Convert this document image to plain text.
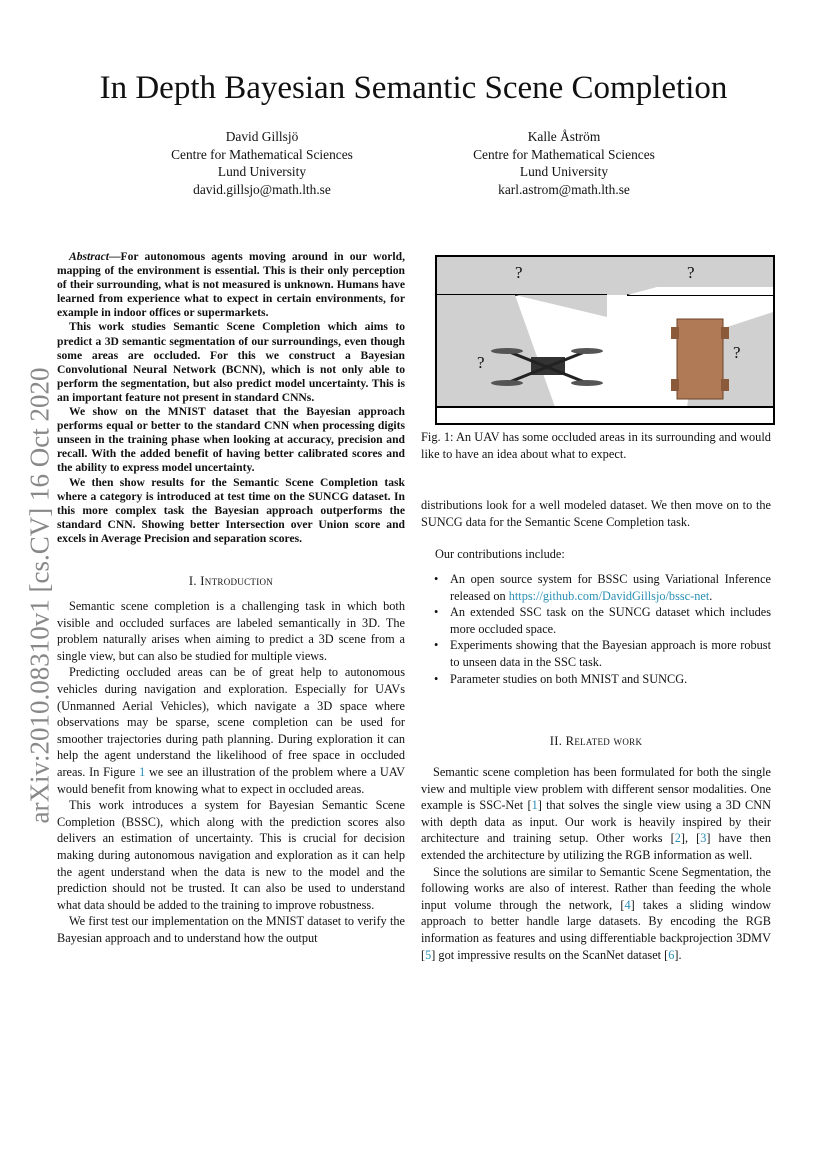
In Depth Bayesian Semantic Scene Completion
David Gillsjö
Centre for Mathematical Sciences
Lund University
david.gillsjo@math.lth.se
Kalle Åström
Centre for Mathematical Sciences
Lund University
karl.astrom@math.lth.se
arXiv:2010.08310v1 [cs.CV] 16 Oct 2020

Abstract—For autonomous agents moving around in our world, mapping of the environment is essential. This is their only perception of their surrounding, what is not measured is unknown. Humans have learned from experience what to expect in certain environments, for example in indoor offices or supermarkets.

This work studies Semantic Scene Completion which aims to predict a 3D semantic segmentation of our surroundings, even though some areas are occluded. For this we construct a Bayesian Convolutional Neural Network (BCNN), which is not only able to perform the segmentation, but also predict model uncertainty. This is an important feature not present in standard CNNs.

We show on the MNIST dataset that the Bayesian approach performs equal or better to the standard CNN when processing digits unseen in the training phase when looking at accuracy, precision and recall. With the added benefit of having better calibrated scores and the ability to express model uncertainty.

We then show results for the Semantic Scene Completion task where a category is introduced at test time on the SUNCG dataset. In this more complex task the Bayesian approach outperforms the standard CNN. Showing better Intersection over Union score and excels in Average Precision and separation scores.

I. Introduction

Semantic scene completion is a challenging task in which both visible and occluded surfaces are labeled semantically in 3D. The problem naturally arises when aiming to predict a 3D scene from a single view, but can also be studied for multiple views.

Predicting occluded areas can be of great help to autonomous vehicles during navigation and exploration. Especially for UAVs (Unmanned Aerial Vehicles), which navigate a 3D space where observations may be sparse, scene completion can be used for smoother trajectories during path planning. During exploration it can help the agent understand the likelihood of free space in occluded areas. In Figure 1 we see an illustration of the problem where a UAV would benefit from knowing what to expect in occluded areas.

This work introduces a system for Bayesian Semantic Scene Completion (BSSC), which along with the prediction scores also delivers an estimation of uncertainty. This is crucial for decision making during autonomous navigation and exploration as it can help the agent understand when the data is new to the model and the prediction should not be trusted. It can also be used to understand what data should be added to the training to improve robustness.

We first test our implementation on the MNIST dataset to verify the Bayesian approach and to understand how the output

?	?
?
?
Fig. 1: An UAV has some occluded areas in its surrounding and would like to have an idea about what to expect.

distributions look for a well modeled dataset. We then move on to the SUNCG data for the Semantic Scene Completion task.

Our contributions include:
• An open source system for BSSC using Variational Inference released on https://github.com/DavidGillsjo/bssc-net.
• An extended SSC task on the SUNCG dataset which includes more occluded space.
• Experiments showing that the Bayesian approach is more robust to unseen data in the SSC task.
• Parameter studies on both MNIST and SUNCG.
II. Related work

Semantic scene completion has been formulated for both the single view and multiple view problem with different sensor modalities. One example is SSC-Net [1] that solves the single view using a 3D CNN with depth data as input. Our work is heavily inspired by their architecture and training setup. Other works [2], [3] have then extended the architecture by utilizing the RGB information as well.

Since the solutions are similar to Semantic Scene Segmentation, the following works are also of interest. Rather than feeding the whole input volume through the network, [4] takes a sliding window approach to better handle large datasets. By encoding the RGB information as features and using differentiable backprojection 3DMV [5] got impressive results on the ScanNet dataset [6].
